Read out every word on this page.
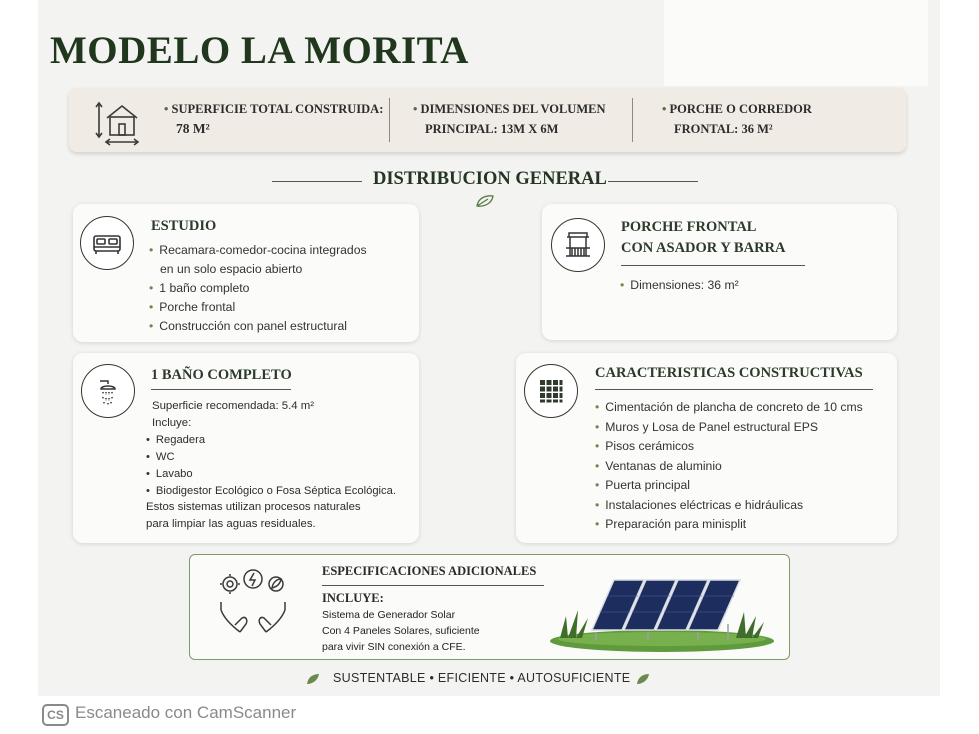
MODELO LA MORITA
• SUPERFICIE TOTAL CONSTRUIDA:
78 M²
• DIMENSIONES DEL VOLUMEN
PRINCIPAL: 13M X 6M
• PORCHE O CORREDOR
FRONTAL: 36 M²
DISTRIBUCION GENERAL
ESTUDIO
• Recamara-comedor-cocina integrados
en un solo espacio abierto
• 1 baño completo
• Porche frontal
• Construcción con panel estructural
PORCHE FRONTAL
CON ASADOR Y BARRA
• Dimensiones: 36 m²
1 BAÑO COMPLETO
Superficie recomendada: 5.4 m²
Incluye:
• Regadera
• WC
• Lavabo
• Biodigestor Ecológico o Fosa Séptica Ecológica.
Estos sistemas utilizan procesos naturales
para limpiar las aguas residuales.
CARACTERISTICAS CONSTRUCTIVAS
• Cimentación de plancha de concreto de 10 cms
• Muros y Losa de Panel estructural EPS
• Pisos cerámicos
• Ventanas de aluminio
• Puerta principal
• Instalaciones eléctricas e hidráulicas
• Preparación para minisplit
ESPECIFICACIONES ADICIONALES
INCLUYE:
Sistema de Generador Solar
Con 4 Paneles Solares, suficiente
para vivir SIN conexión a CFE.
SUSTENTABLE • EFICIENTE • AUTOSUFICIENTE
CS Escaneado con CamScanner
